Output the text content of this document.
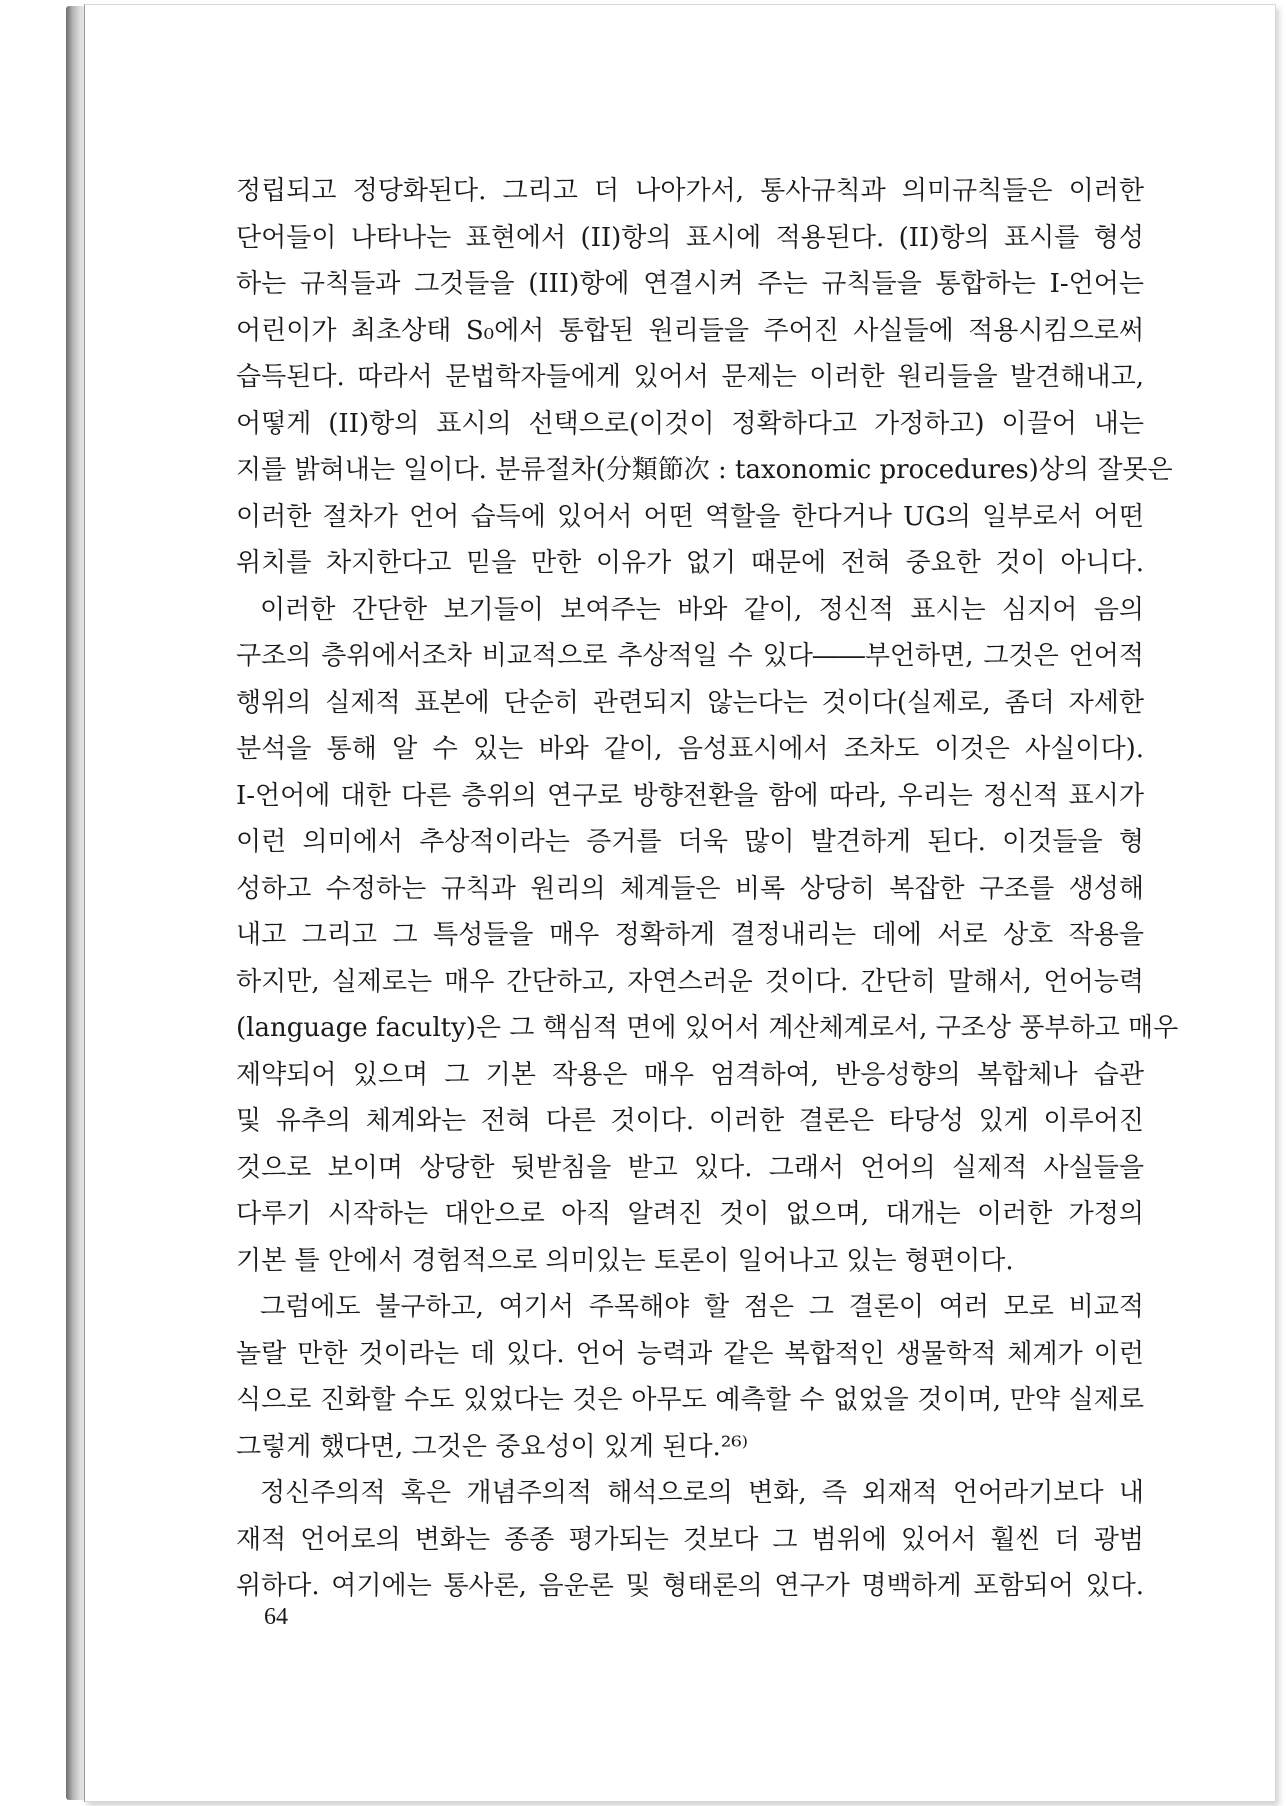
정립되고 정당화된다. 그리고 더 나아가서, 통사규칙과 의미규칙들은 이러한
단어들이 나타나는 표현에서 (II)항의 표시에 적용된다. (II)항의 표시를 형성
하는 규칙들과 그것들을 (III)항에 연결시켜 주는 규칙들을 통합하는 I-언어는
어린이가 최초상태 S₀에서 통합된 원리들을 주어진 사실들에 적용시킴으로써
습득된다. 따라서 문법학자들에게 있어서 문제는 이러한 원리들을 발견해내고,
어떻게 (II)항의 표시의 선택으로(이것이 정확하다고 가정하고) 이끌어 내는
지를 밝혀내는 일이다. 분류절차(分類節次 : taxonomic procedures)상의 잘못은
이러한 절차가 언어 습득에 있어서 어떤 역할을 한다거나 UG의 일부로서 어떤
위치를 차지한다고 믿을 만한 이유가 없기 때문에 전혀 중요한 것이 아니다.
이러한 간단한 보기들이 보여주는 바와 같이, 정신적 표시는 심지어 음의
구조의 층위에서조차 비교적으로 추상적일 수 있다――부언하면, 그것은 언어적
행위의 실제적 표본에 단순히 관련되지 않는다는 것이다(실제로, 좀더 자세한
분석을 통해 알 수 있는 바와 같이, 음성표시에서 조차도 이것은 사실이다).
I-언어에 대한 다른 층위의 연구로 방향전환을 함에 따라, 우리는 정신적 표시가
이런 의미에서 추상적이라는 증거를 더욱 많이 발견하게 된다. 이것들을 형
성하고 수정하는 규칙과 원리의 체계들은 비록 상당히 복잡한 구조를 생성해
내고 그리고 그 특성들을 매우 정확하게 결정내리는 데에 서로 상호 작용을
하지만, 실제로는 매우 간단하고, 자연스러운 것이다. 간단히 말해서, 언어능력
(language faculty)은 그 핵심적 면에 있어서 계산체계로서, 구조상 풍부하고 매우
제약되어 있으며 그 기본 작용은 매우 엄격하여, 반응성향의 복합체나 습관
및 유추의 체계와는 전혀 다른 것이다. 이러한 결론은 타당성 있게 이루어진
것으로 보이며 상당한 뒷받침을 받고 있다. 그래서 언어의 실제적 사실들을
다루기 시작하는 대안으로 아직 알려진 것이 없으며, 대개는 이러한 가정의
기본 틀 안에서 경험적으로 의미있는 토론이 일어나고 있는 형편이다.
그럼에도 불구하고, 여기서 주목해야 할 점은 그 결론이 여러 모로 비교적
놀랄 만한 것이라는 데 있다. 언어 능력과 같은 복합적인 생물학적 체계가 이런
식으로 진화할 수도 있었다는 것은 아무도 예측할 수 없었을 것이며, 만약 실제로
그렇게 했다면, 그것은 중요성이 있게 된다.²⁶⁾
정신주의적 혹은 개념주의적 해석으로의 변화, 즉 외재적 언어라기보다 내
재적 언어로의 변화는 종종 평가되는 것보다 그 범위에 있어서 훨씬 더 광범
위하다. 여기에는 통사론, 음운론 및 형태론의 연구가 명백하게 포함되어 있다.
64
